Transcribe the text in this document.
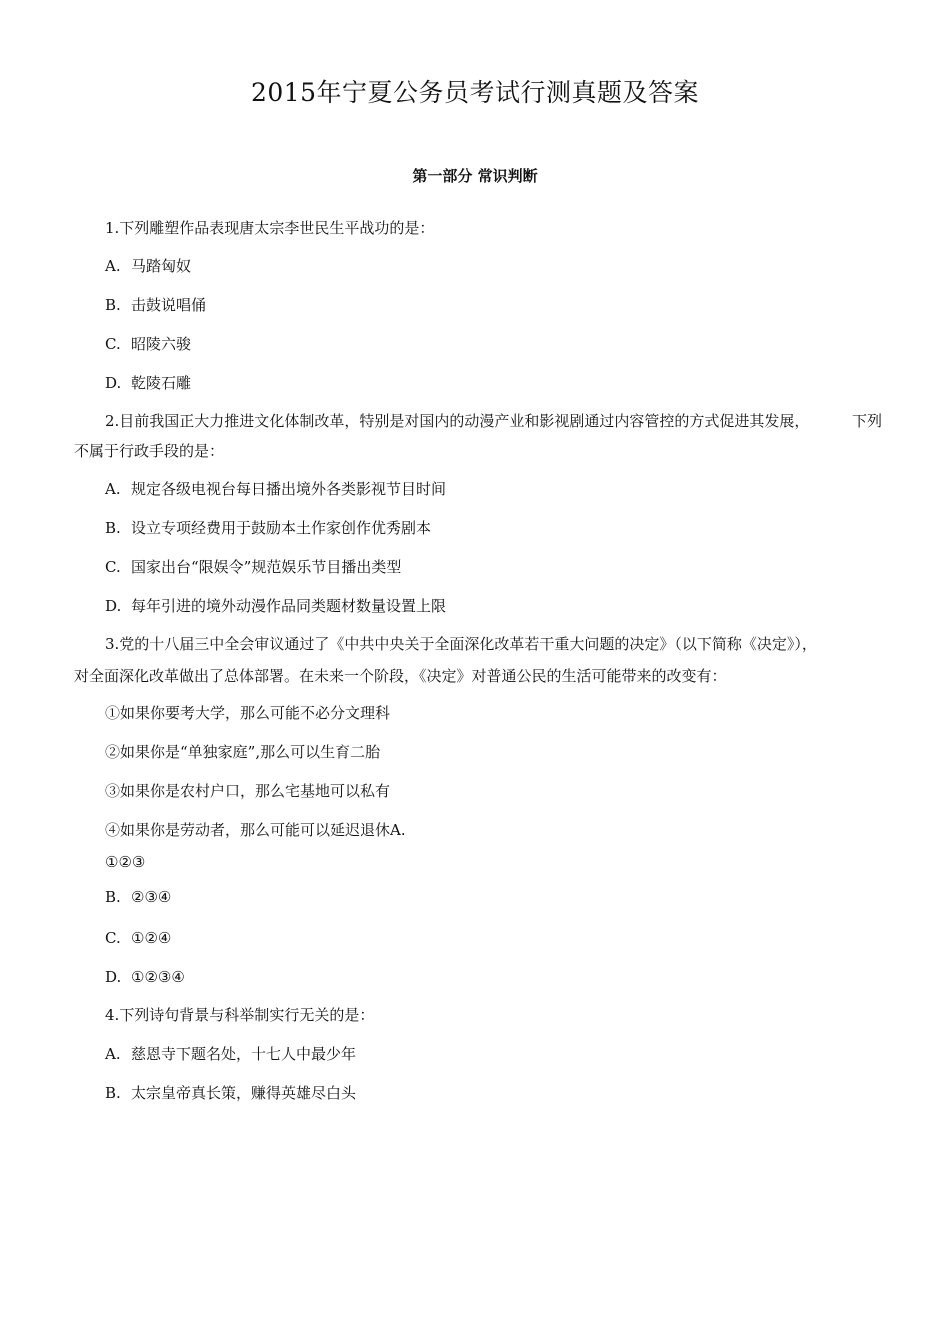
2015年宁夏公务员考试行测真题及答案
第一部分 常识判断
1.下列雕塑作品表现唐太宗李世民生平战功的是：
A. 马踏匈奴
B. 击鼓说唱俑
C. 昭陵六骏
D. 乾陵石雕
2.目前我国正大力推进文化体制改革，特别是对国内的动漫产业和影视剧通过内容管控的方式促进其发展，	下列
不属于行政手段的是：
A. 规定各级电视台每日播出境外各类影视节目时间
B. 设立专项经费用于鼓励本土作家创作优秀剧本
C. 国家出台“限娱令”规范娱乐节目播出类型
D. 每年引进的境外动漫作品同类题材数量设置上限
3.党的十八届三中全会审议通过了《中共中央关于全面深化改革若干重大问题的决定》（以下简称《决定》），
对全面深化改革做出了总体部署。在未来一个阶段，《决定》对普通公民的生活可能带来的改变有：
①如果你要考大学，那么可能不必分文理科
②如果你是“单独家庭”,那么可以生育二胎
③如果你是农村户口，那么宅基地可以私有
④如果你是劳动者，那么可能可以延迟退休A.
①②③
B. ②③④
C. ①②④
D. ①②③④
4.下列诗句背景与科举制实行无关的是：
A. 慈恩寺下题名处，十七人中最少年
B. 太宗皇帝真长策，赚得英雄尽白头
